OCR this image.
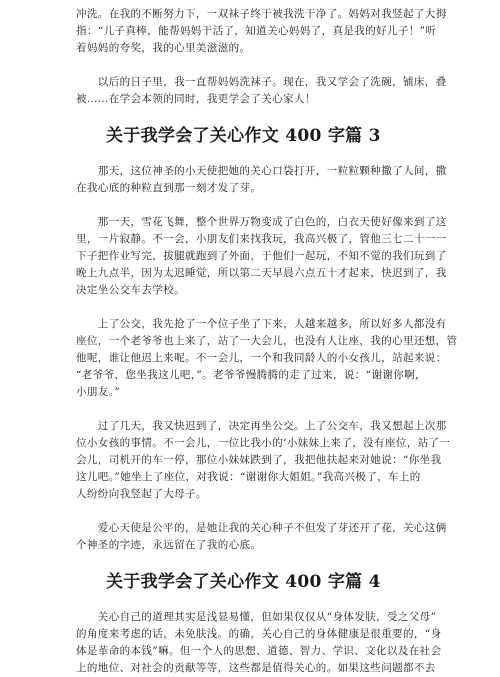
冲洗。在我的不断努力下，一双袜子终于被我洗干净了。妈妈对我竖起了大拇
指：“儿子真棒，能帮妈妈干活了，知道关心妈妈了，真是我的好儿子！”听
着妈妈的夸奖，我的心里美滋滋的。

　　以后的日子里，我一直帮妈妈洗袜子。现在，我又学会了洗碗，铺床，叠
被……在学会本领的同时，我更学会了关心家人！

关于我学会了关心作文 400 字篇 3

　　那天，这位神圣的小天使把她的关心口袋打开，一粒粒颗种撒了人间，撒
在我心底的种粒直到那一刻才发了芽。

　　那一天，雪花飞舞，整个世界万物变成了白色的，白衣天使好像来到了这
里，一片寂静。不一会，小朋友们来找我玩，我高兴极了，管他三七二十一一
下子把作业写完，拔腿就跑到了外面，于他们一起玩，不知不觉的我们玩到了
晚上九点半，因为太迟睡觉，所以第二天早晨六点五十才起来，快迟到了，我
决定坐公交车去学校。

　　上了公交，我先抢了一个位子坐了下来，人越来越多，所以好多人都没有
座位，一个老爷爷也上来了，站了一大会儿，也没有人让座，我的心里还想，管
他呢，谁让他迟上来呢。不一会儿，一个和我同龄人的小女孩儿，站起来说：
“老爷爷，您坐我这儿吧，”。老爷爷慢腾腾的走了过来，说：“谢谢你啊，
小朋友。”

　　过了几天，我又快迟到了，决定再坐公交。上了公交车，我又想起上次那
位小女孩的事情。不一会儿，一位比我小的‘小妹妹上来了，没有座位，站了一
会儿，司机开的车一停，那位小妹妹跌到了，我把他扶起来对她说：“你坐我
这儿吧。”她坐上了座位，对我说：“谢谢你大姐姐。”我高兴极了，车上的
人纷纷向我竖起了大母子。

　　爱心天使是公平的，是她让我的关心种子不但发了芽还开了花，关心这俩
个神圣的字迹，永远留在了我的心底。

关于我学会了关心作文 400 字篇 4

　　关心自己的道理其实是浅显易懂，但如果仅仅从“身体发肤，受之父母”
的角度来考虑的话，未免肤浅。的确，关心自己的身体健康是很重要的，“身
体是革命的本钱”嘛。但一个人的思想、道德、智力、学识、文化以及在社会
上的地位、对社会的贡献等等，这些都是值得关心的。如果这些问题都不去
